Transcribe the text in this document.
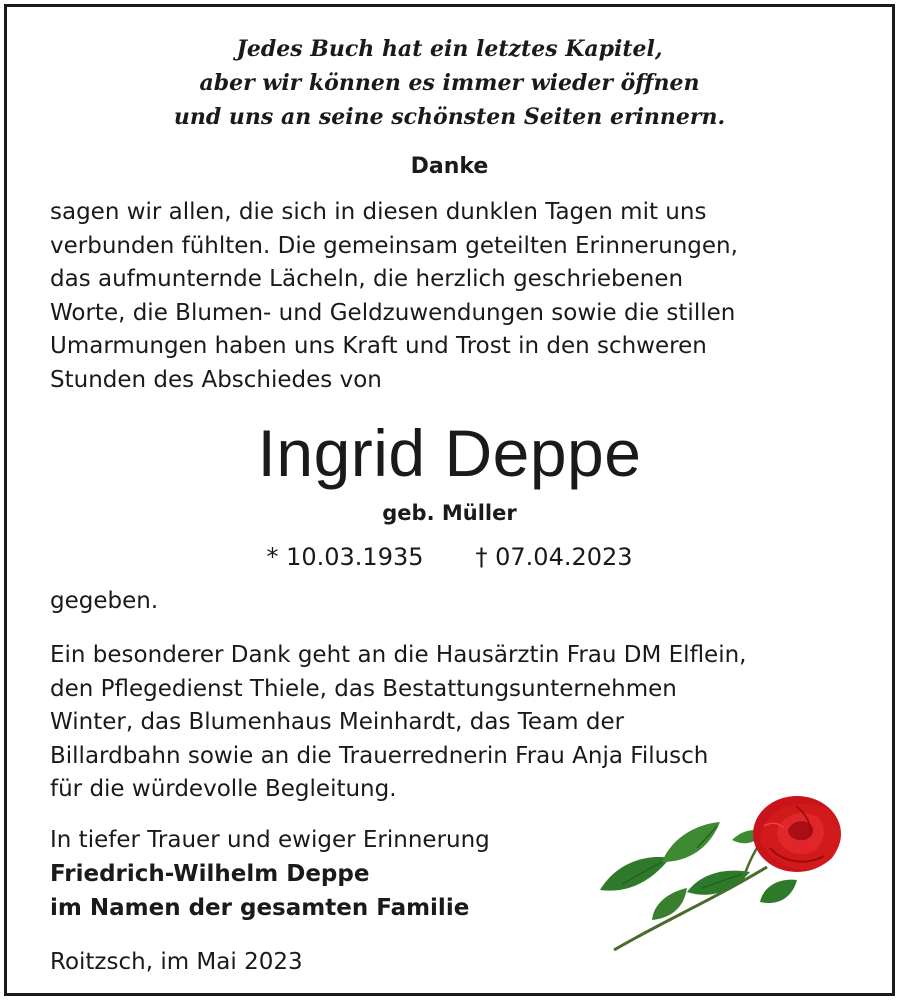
Jedes Buch hat ein letztes Kapitel,
aber wir können es immer wieder öffnen
und uns an seine schönsten Seiten erinnern.
Danke
sagen wir allen, die sich in diesen dunklen Tagen mit uns
verbunden fühlten. Die gemeinsam geteilten Erinnerungen,
das aufmunternde Lächeln, die herzlich geschriebenen
Worte, die Blumen- und Geldzuwendungen sowie die stillen
Umarmungen haben uns Kraft und Trost in den schweren
Stunden des Abschiedes von
Ingrid Deppe
geb. Müller
* 10.03.1935 † 07.04.2023
gegeben.
Ein besonderer Dank geht an die Hausärztin Frau DM Elflein,
den Pflegedienst Thiele, das Bestattungsunternehmen
Winter, das Blumenhaus Meinhardt, das Team der
Billardbahn sowie an die Trauerrednerin Frau Anja Filusch
für die würdevolle Begleitung.
In tiefer Trauer und ewiger Erinnerung
Friedrich-Wilhelm Deppe
im Namen der gesamten Familie
Roitzsch, im Mai 2023
